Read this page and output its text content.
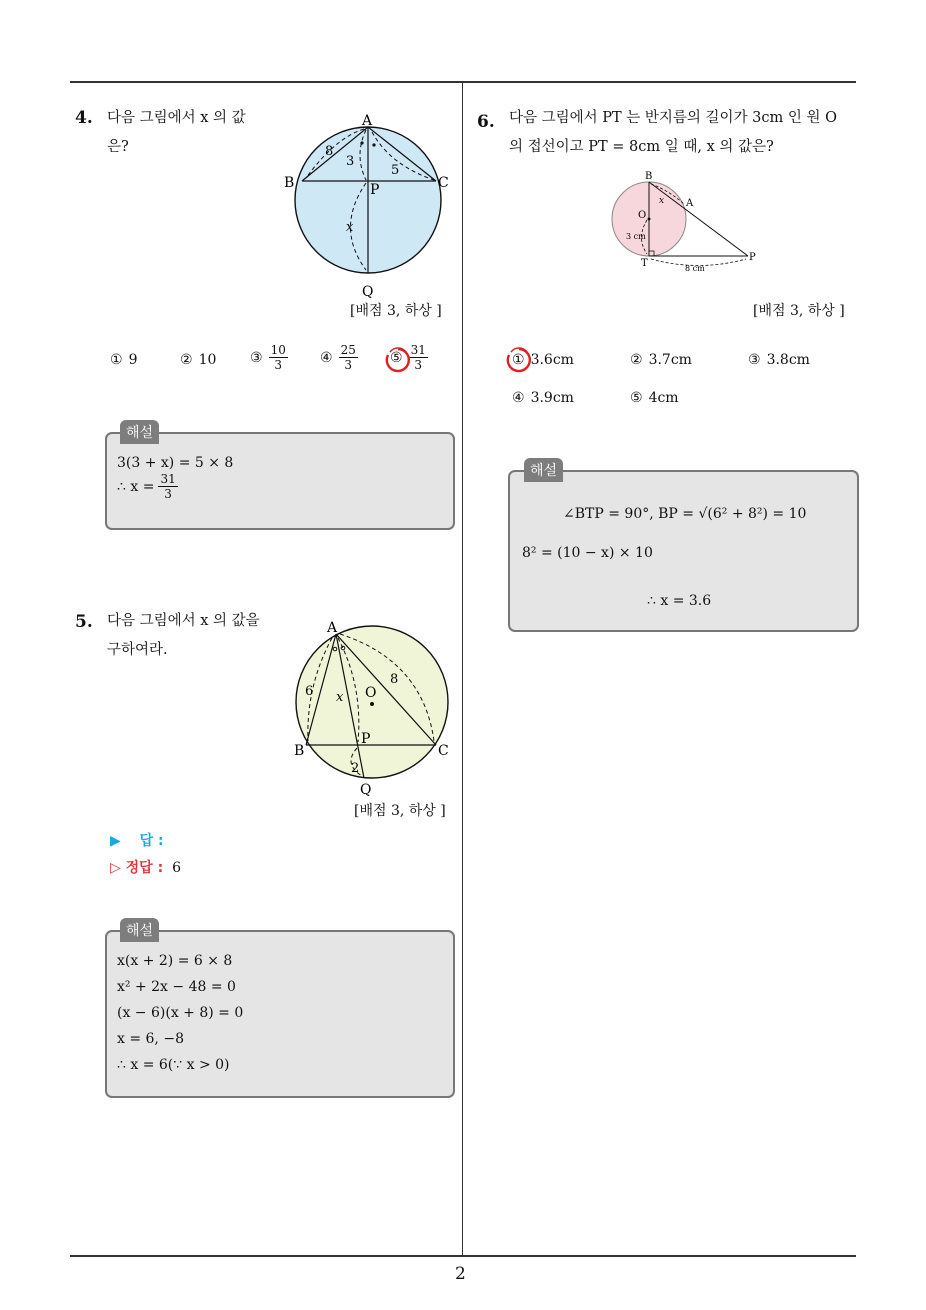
2
4. 다음 그림에서 x 의 값
은?
A
B	C
P
Q
8
3
5
x
[배점 3, 하상 ]
① 9	② 10 ③ $\frac{10}{3}$ ④ $\frac{25}{3}$ ⑤ $\frac{31}{3}$
해설
3(3 + x) = 5 × 8
∴ $x = \frac{31}{3}$
5. 다음 그림에서 x 의 값을
구하여라.
A
B	C
P
Q
O
6 x
8
2
[배점 3, 하상 ]
▶ 답 :
▷ 정답 : 6
해설
x(x + 2) = 6 × 8
x² + 2x − 48 = 0
(x − 6)(x + 8) = 0
x = 6, −8
∴ x = 6(∵ x > 0)
6. 다음 그림에서 PT 는 반지름의 길이가 3cm 인 원 O
의 접선이고 PT = 8cm 일 때, x 의 값은?
B
A
O
T
P
x
3 cm
8 cm
[배점 3, 하상 ]
① 3.6cm	② 3.7cm	③ 3.8cm
④ 3.9cm	⑤ 4cm
해설
∠BTP = 90°, BP = √(6² + 8²) = 10
8² = (10 − x) × 10
∴ x = 3.6
